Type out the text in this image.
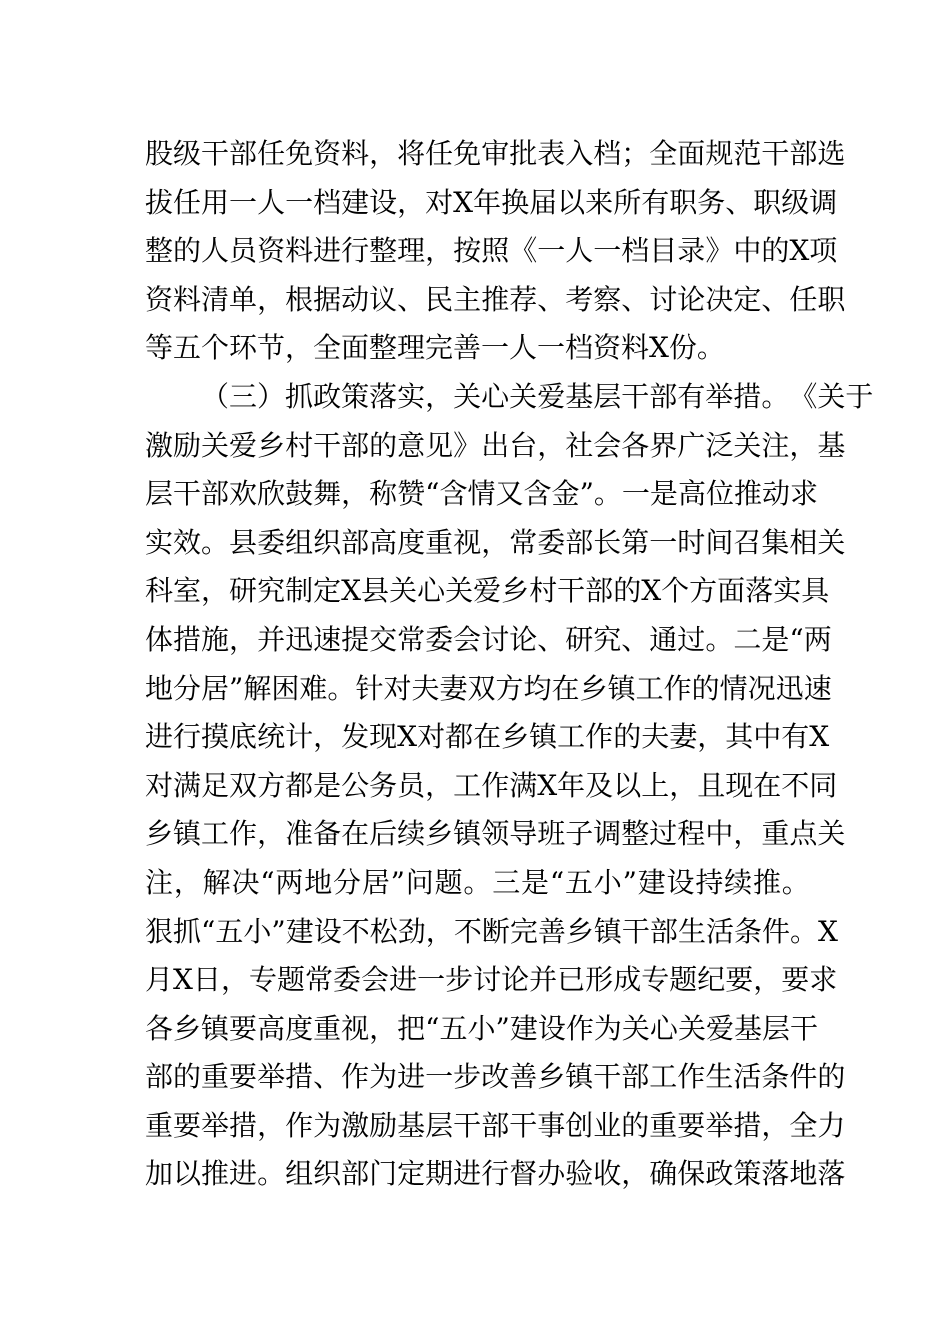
股 级 干 部 任 免 资 料 ， 将 任 免 审 批 表 入 档 ； 全 面 规 范 干 部 选
拔 任 用 一 人 一 档 建 设 ， 对 X 年 换 届 以 来 所 有 职 务 、 职 级 调
整 的 人 员 资 料 进 行 整 理 ， 按 照 《 一 人 一 档 目 录 》 中 的 X 项
资 料 清 单 ， 根 据 动 议 、 民 主 推 荐 、 考 察 、 讨 论 决 定 、 任 职
等五个环节，全面整理完善一人一档资料X份。
（ 三 ） 抓 政 策 落 实 ， 关 心 关 爱 基 层 干 部 有 举 措 。 《 关 于
激 励 关 爱 乡 村 干 部 的 意 见 》 出 台 ， 社 会 各 界 广 泛 关 注 ， 基
层 干 部 欢 欣 鼓 舞 ， 称 赞 “ 含 情 又 含 金 ” 。 一 是 高 位 推 动 求
实 效 。 县 委 组 织 部 高 度 重 视 ， 常 委 部 长 第 一 时 间 召 集 相 关
科 室 ， 研 究 制 定 X 县 关 心 关 爱 乡 村 干 部 的 X 个 方 面 落 实 具
体 措 施 ， 并 迅 速 提 交 常 委 会 讨 论 、 研 究 、 通 过 。 二 是 “ 两
地 分 居 ” 解 困 难 。 针 对 夫 妻 双 方 均 在 乡 镇 工 作 的 情 况 迅 速
进 行 摸 底 统 计 ， 发 现 X 对 都 在 乡 镇 工 作 的 夫 妻 ， 其 中 有 X
对 满 足 双 方 都 是 公 务 员 ， 工 作 满 X 年 及 以 上 ， 且 现 在 不 同
乡 镇 工 作 ， 准 备 在 后 续 乡 镇 领 导 班 子 调 整 过 程 中 ， 重 点 关
注 ， 解 决 “ 两 地 分 居 ” 问 题 。 三 是 “ 五 小 ” 建 设 持 续 推 。
狠 抓 “ 五 小 ” 建 设 不 松 劲 ， 不 断 完 善 乡 镇 干 部 生 活 条 件 。 X
月 X 日 ， 专 题 常 委 会 进 一 步 讨 论 并 已 形 成 专 题 纪 要 ， 要 求
各 乡 镇 要 高 度 重 视 ， 把 “ 五 小 ” 建 设 作 为 关 心 关 爱 基 层 干
部 的 重 要 举 措 、 作 为 进 一 步 改 善 乡 镇 干 部 工 作 生 活 条 件 的
重 要 举 措 ， 作 为 激 励 基 层 干 部 干 事 创 业 的 重 要 举 措 ， 全 力
加 以 推 进 。 组 织 部 门 定 期 进 行 督 办 验 收 ， 确 保 政 策 落 地 落
